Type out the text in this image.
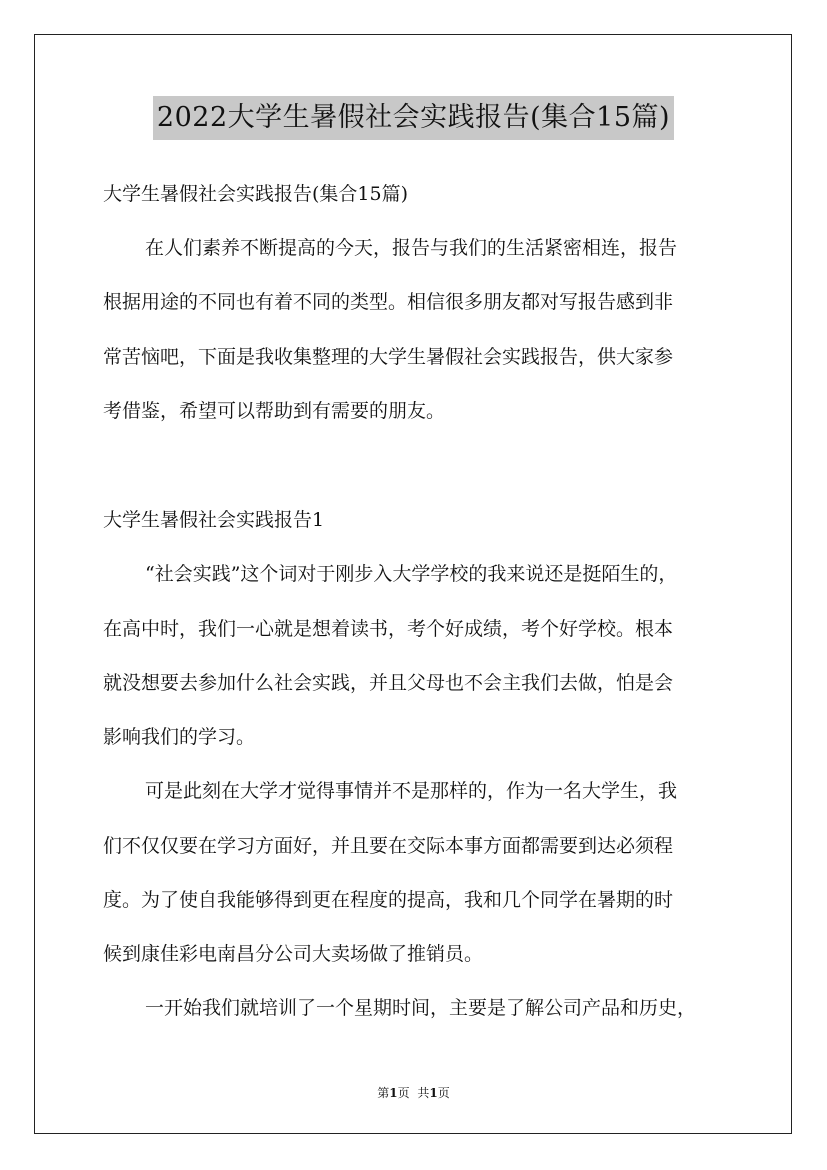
2022大学生暑假社会实践报告(集合15篇)
大学生暑假社会实践报告(集合15篇)
在人们素养不断提高的今天，报告与我们的生活紧密相连，报告
根据用途的不同也有着不同的类型。相信很多朋友都对写报告感到非
常苦恼吧，下面是我收集整理的大学生暑假社会实践报告，供大家参
考借鉴，希望可以帮助到有需要的朋友。
大学生暑假社会实践报告1
“社会实践”这个词对于刚步入大学学校的我来说还是挺陌生的，
在高中时，我们一心就是想着读书，考个好成绩，考个好学校。根本
就没想要去参加什么社会实践，并且父母也不会主我们去做，怕是会
影响我们的学习。
可是此刻在大学才觉得事情并不是那样的，作为一名大学生，我
们不仅仅要在学习方面好，并且要在交际本事方面都需要到达必须程
度。为了使自我能够得到更在程度的提高，我和几个同学在暑期的时
候到康佳彩电南昌分公司大卖场做了推销员。
一开始我们就培训了一个星期时间，主要是了解公司产品和历史，
第1页 共1页
